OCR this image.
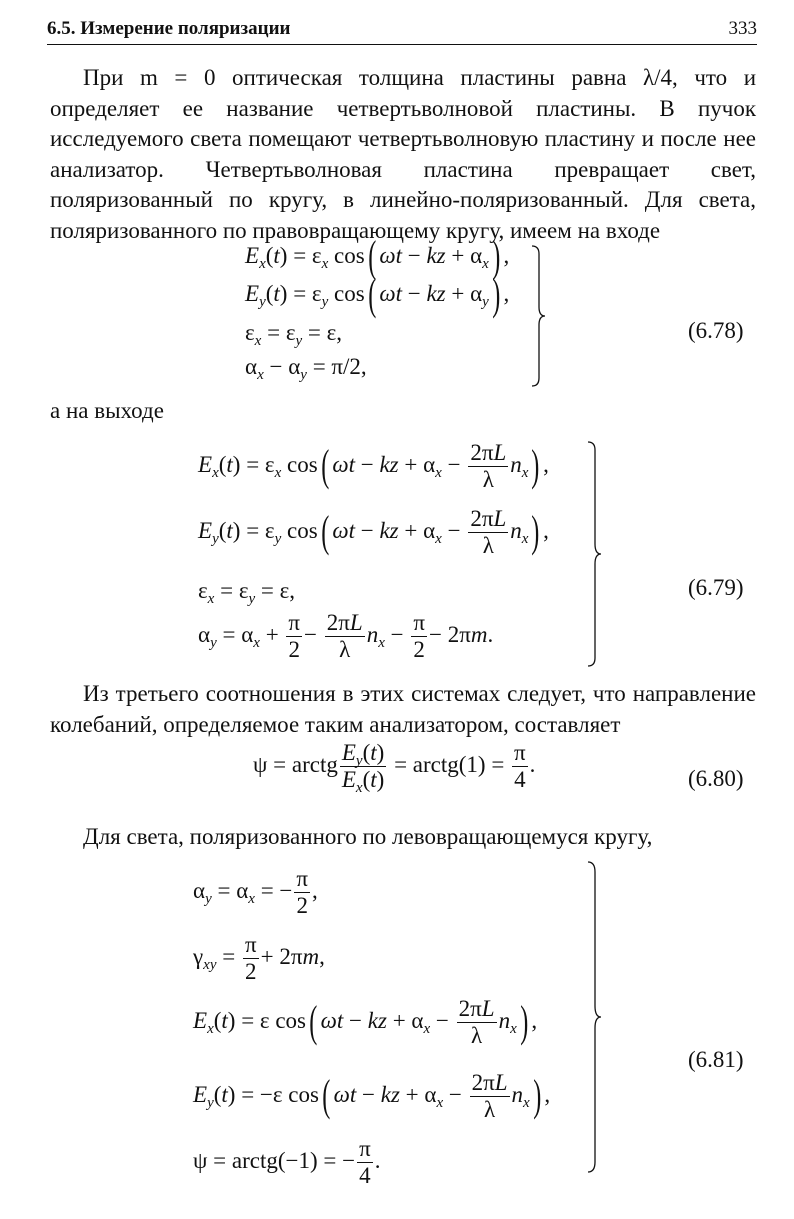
6.5. Измерение поляризации	333

При m = 0 оптическая толщина пластины равна λ/4, что и определяет ее название четвертьволновой пластины. В пучок исследуемого света помещают четвертьволновую пластину и после нее анализатор. Четвертьволновая пластина превращает свет, поляризованный по кругу, в линейно-поляризованный. Для света, поляризованного по правовращающему кругу, имеем на входе

$E_x(t) = \varepsilon_x$ cos( ωt − kz + $\alpha_x$) ,
$E_y(t) = \varepsilon_y$ cos( ωt − kz + $\alpha_y$) ,
$\varepsilon_x = \varepsilon_y = \varepsilon$,
$\alpha_x - \alpha_y = \pi/2$,
(6.78)

а на выходе

$E_x(t) = \varepsilon_x$ cos( ωt − kz + $\alpha_x - \frac{2\pi L}{\lambda} n_x$) ,
$E_y(t) = \varepsilon_y$ cos( ωt − kz + $\alpha_x - \frac{2\pi L}{\lambda} n_x$) ,
$\varepsilon_x = \varepsilon_y = \varepsilon$,
$\alpha_y = \alpha_x + \frac{\pi}{2} - \frac{2\pi L}{\lambda} n_x - \frac{\pi}{2} - 2\pi m$.
(6.79)

Из третьего соотношения в этих системах следует, что направление колебаний, определяемое таким анализатором, составляет

ψ = arctg $\frac{E_y(t)}{E_x(t)}$ = arctg(1) = $\frac{\pi}{4}$ .
(6.80)

Для света, поляризованного по левовращающемуся кругу,

$\alpha_y = \alpha_x$ = − $\frac{\pi}{2}$ ,
$\gamma_{xy} = \frac{\pi}{2} + 2\pi m$,
$E_x(t) = \varepsilon$ cos( ωt − kz + $\alpha_x - \frac{2\pi L}{\lambda} n_x$) ,
$E_y(t) = -\varepsilon$ cos( ωt − kz + $\alpha_x - \frac{2\pi L}{\lambda} n_x$) ,
ψ = arctg(−1) = − $\frac{\pi}{4}$ .
(6.81)
